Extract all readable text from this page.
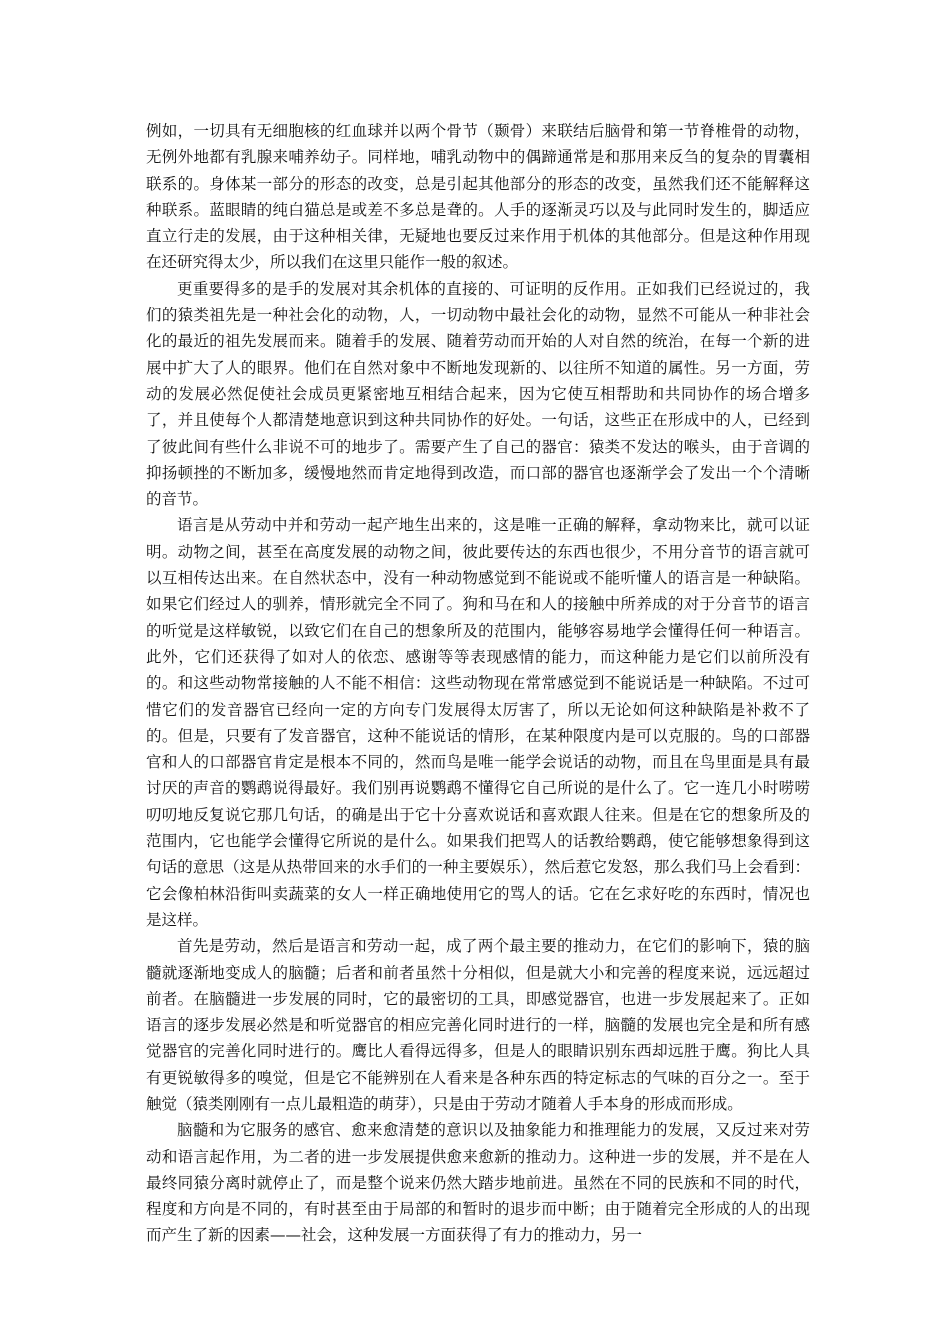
例如，一切具有无细胞核的红血球并以两个骨节（颞骨）来联结后脑骨和第一节脊椎骨的动物，无例外地都有乳腺来哺养幼子。同样地，哺乳动物中的偶蹄通常是和那用来反刍的复杂的胃囊相联系的。身体某一部分的形态的改变，总是引起其他部分的形态的改变，虽然我们还不能解释这种联系。蓝眼睛的纯白猫总是或差不多总是聋的。人手的逐渐灵巧以及与此同时发生的，脚适应直立行走的发展，由于这种相关律，无疑地也要反过来作用于机体的其他部分。但是这种作用现在还研究得太少，所以我们在这里只能作一般的叙述。

更重要得多的是手的发展对其余机体的直接的、可证明的反作用。正如我们已经说过的，我们的猿类祖先是一种社会化的动物，人，一切动物中最社会化的动物，显然不可能从一种非社会化的最近的祖先发展而来。随着手的发展、随着劳动而开始的人对自然的统治，在每一个新的进展中扩大了人的眼界。他们在自然对象中不断地发现新的、以往所不知道的属性。另一方面，劳动的发展必然促使社会成员更紧密地互相结合起来，因为它使互相帮助和共同协作的场合增多了，并且使每个人都清楚地意识到这种共同协作的好处。一句话，这些正在形成中的人，已经到了彼此间有些什么非说不可的地步了。需要产生了自己的器官：猿类不发达的喉头，由于音调的抑扬顿挫的不断加多，缓慢地然而肯定地得到改造，而口部的器官也逐渐学会了发出一个个清晰的音节。

语言是从劳动中并和劳动一起产地生出来的，这是唯一正确的解释，拿动物来比，就可以证明。动物之间，甚至在高度发展的动物之间，彼此要传达的东西也很少，不用分音节的语言就可以互相传达出来。在自然状态中，没有一种动物感觉到不能说或不能听懂人的语言是一种缺陷。如果它们经过人的驯养，情形就完全不同了。狗和马在和人的接触中所养成的对于分音节的语言的听觉是这样敏锐，以致它们在自己的想象所及的范围内，能够容易地学会懂得任何一种语言。此外，它们还获得了如对人的依恋、感谢等等表现感情的能力，而这种能力是它们以前所没有的。和这些动物常接触的人不能不相信：这些动物现在常常感觉到不能说话是一种缺陷。不过可惜它们的发音器官已经向一定的方向专门发展得太厉害了，所以无论如何这种缺陷是补救不了的。但是，只要有了发音器官，这种不能说话的情形，在某种限度内是可以克服的。鸟的口部器官和人的口部器官肯定是根本不同的，然而鸟是唯一能学会说话的动物，而且在鸟里面是具有最讨厌的声音的鹦鹉说得最好。我们别再说鹦鹉不懂得它自己所说的是什么了。它一连几小时唠唠叨叨地反复说它那几句话，的确是出于它十分喜欢说话和喜欢跟人往来。但是在它的想象所及的范围内，它也能学会懂得它所说的是什么。如果我们把骂人的话教给鹦鹉，使它能够想象得到这句话的意思（这是从热带回来的水手们的一种主要娱乐），然后惹它发怒，那么我们马上会看到：它会像柏林沿街叫卖蔬菜的女人一样正确地使用它的骂人的话。它在乞求好吃的东西时，情况也是这样。

首先是劳动，然后是语言和劳动一起，成了两个最主要的推动力，在它们的影响下，猿的脑髓就逐渐地变成人的脑髓；后者和前者虽然十分相似，但是就大小和完善的程度来说，远远超过前者。在脑髓进一步发展的同时，它的最密切的工具，即感觉器官，也进一步发展起来了。正如语言的逐步发展必然是和听觉器官的相应完善化同时进行的一样，脑髓的发展也完全是和所有感觉器官的完善化同时进行的。鹰比人看得远得多，但是人的眼睛识别东西却远胜于鹰。狗比人具有更锐敏得多的嗅觉，但是它不能辨别在人看来是各种东西的特定标志的气味的百分之一。至于触觉（猿类刚刚有一点儿最粗造的萌芽），只是由于劳动才随着人手本身的形成而形成。

脑髓和为它服务的感官、愈来愈清楚的意识以及抽象能力和推理能力的发展，又反过来对劳动和语言起作用，为二者的进一步发展提供愈来愈新的推动力。这种进一步的发展，并不是在人最终同猿分离时就停止了，而是整个说来仍然大踏步地前进。虽然在不同的民族和不同的时代，程度和方向是不同的，有时甚至由于局部的和暂时的退步而中断；由于随着完全形成的人的出现而产生了新的因素——社会，这种发展一方面获得了有力的推动力，另一
